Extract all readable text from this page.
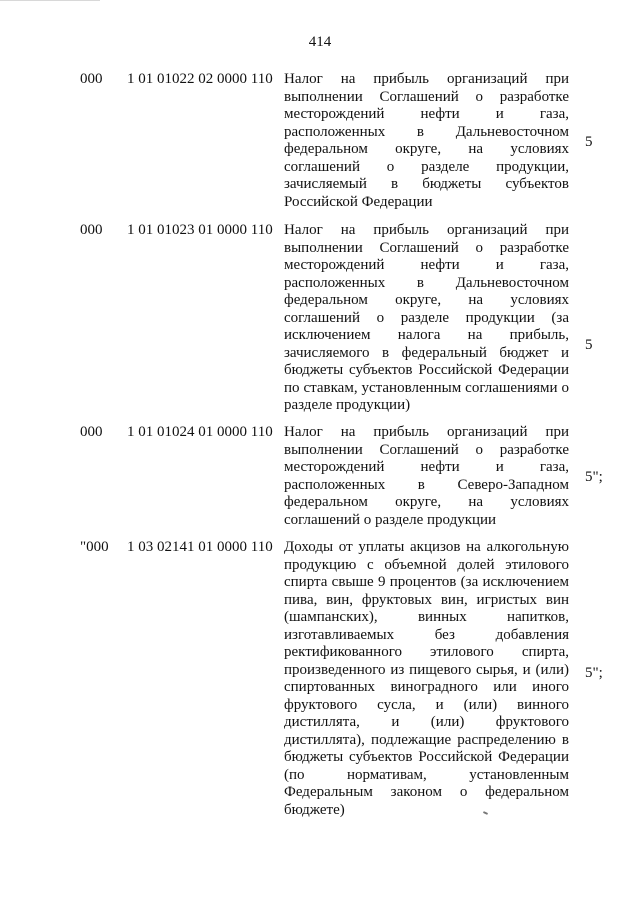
414
000 1 01 01022 02 0000 110 Налог на прибыль организаций при выполнении Соглашений о разработке месторождений нефти и газа, расположенных в Дальневосточном федеральном округе, на условиях соглашений о разделе продукции, зачисляемый в бюджеты субъектов Российской Федерации
5
000 1 01 01023 01 0000 110 Налог на прибыль организаций при выполнении Соглашений о разработке месторождений нефти и газа, расположенных в Дальневосточном федеральном округе, на условиях соглашений о разделе продукции (за исключением налога на прибыль, зачисляемого в федеральный бюджет и бюджеты субъектов Российской Федерации по ставкам, установленным соглашениями о разделе продукции)
5
000 1 01 01024 01 0000 110 Налог на прибыль организаций при выполнении Соглашений о разработке месторождений нефти и газа, расположенных в Северо-Западном федеральном округе, на условиях соглашений о разделе продукции
5";
"000 1 03 02141 01 0000 110 Доходы от уплаты акцизов на алкогольную продукцию с объемной долей этилового спирта свыше 9 процентов (за исключением пива, вин, фруктовых вин, игристых вин (шампанских), винных напитков, изготавливаемых без добавления ректификованного этилового спирта, произведенного из пищевого сырья, и (или) спиртованных виноградного или иного фруктового сусла, и (или) винного дистиллята, и (или) фруктового дистиллята), подлежащие распределению в бюджеты субъектов Российской Федерации (по нормативам, установленным Федеральным законом о федеральном бюджете)
5";
